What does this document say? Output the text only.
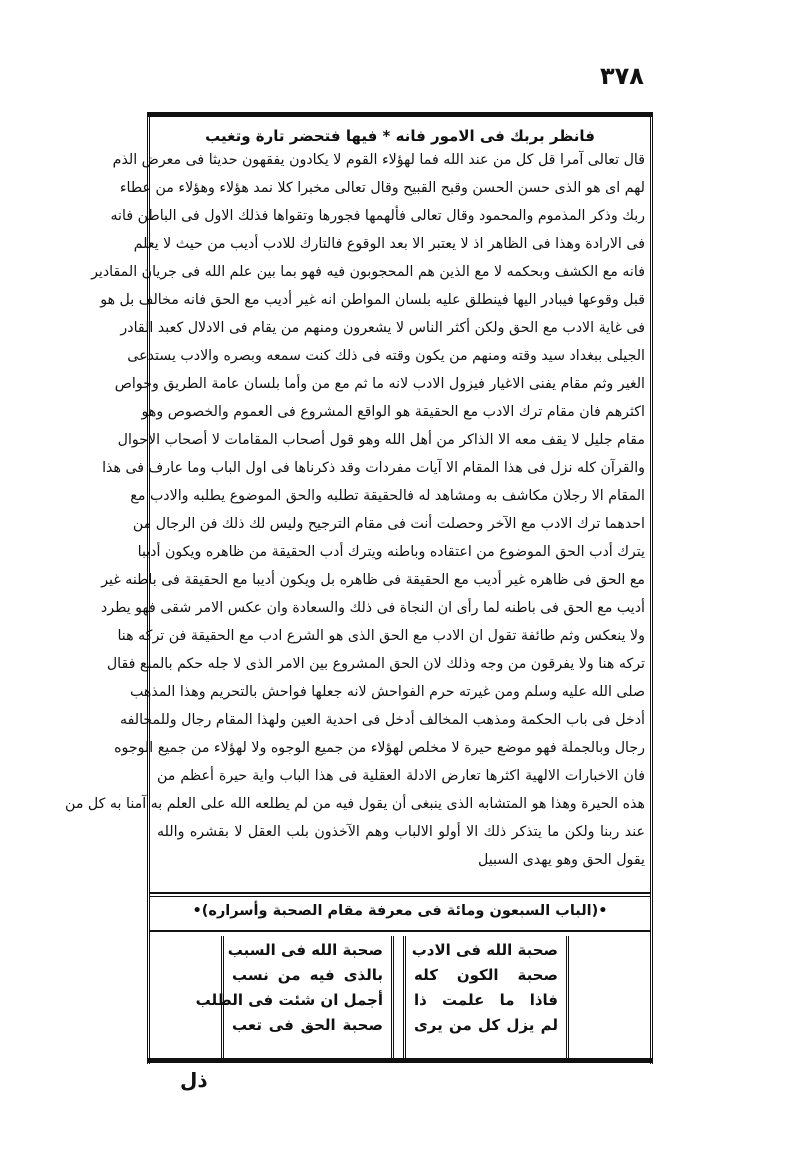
٣٧٨
فانظر بربك فى الامور فانه * فيها فتحضر تارة وتغيب
قال تعالى آمرا قل كل من عند الله فما لهؤلاء القوم لا يكادون يفقهون حديثا فى معرض الذم
لهم اى هو الذى حسن الحسن وقبح القبيح وقال تعالى مخبرا كلا نمد هؤلاء وهؤلاء من عطاء
ربك وذكر المذموم والمحمود وقال تعالى فألهمها فجورها وتقواها فذلك الاول فى الباطن فانه
فى الارادة وهذا فى الظاهر اذ لا يعتبر الا بعد الوقوع فالتارك للادب أديب من حيث لا يعلم
فانه مع الكشف وبحكمه لا مع الذين هم المحجوبون فيه فهو بما بين علم الله فى جريان المقادير
قبل وقوعها فيبادر اليها فينطلق عليه بلسان المواطن انه غير أديب مع الحق فانه مخالف بل هو
فى غاية الادب مع الحق ولكن أكثر الناس لا يشعرون ومنهم من يقام فى الادلال كعبد القادر
الجيلى ببغداد سيد وقته ومنهم من يكون وقته فى ذلك كنت سمعه وبصره والادب يستدعى
الغير وثم مقام يفنى الاغيار فيزول الادب لانه ما ثم مع من وأما بلسان عامة الطريق وخواص
اكثرهم فان مقام ترك الادب مع الحقيقة هو الواقع المشروع فى العموم والخصوص وهو
مقام جليل لا يقف معه الا الذاكر من أهل الله وهو قول أصحاب المقامات لا أصحاب الاحوال
والقرآن كله نزل فى هذا المقام الا آيات مفردات وقد ذكرناها فى اول الباب وما عارف فى هذا
المقام الا رجلان مكاشف به ومشاهد له فالحقيقة تطلبه والحق الموضوع يطلبه والادب مع
احدهما ترك الادب مع الآخر وحصلت أنت فى مقام الترجيح وليس لك ذلك فن الرجال من
يترك أدب الحق الموضوع من اعتقاده وباطنه ويترك أدب الحقيقة من ظاهره ويكون أديبا
مع الحق فى ظاهره غير أديب مع الحقيقة فى ظاهره بل ويكون أديبا مع الحقيقة فى باطنه غير
أديب مع الحق فى باطنه لما رأى ان النجاة فى ذلك والسعادة وان عكس الامر شقى فهو يطرد
ولا ينعكس وثم طائفة تقول ان الادب مع الحق الذى هو الشرع ادب مع الحقيقة فن تركه هنا
تركه هنا ولا يفرقون من وجه وذلك لان الحق المشروع بين الامر الذى لا جله حكم بالمنع فقال
صلى الله عليه وسلم ومن غيرته حرم الفواحش لانه جعلها فواحش بالتحريم وهذا المذهب
أدخل فى باب الحكمة ومذهب المخالف أدخل فى احدية العين ولهذا المقام رجال وللمخالفه
رجال وبالجملة فهو موضع حيرة لا مخلص لهؤلاء من جميع الوجوه ولا لهؤلاء من جميع الوجوه
فان الاخبارات الالهية اكثرها تعارض الادلة العقلية فى هذا الباب واية حيرة أعظم من
هذه الحيرة وهذا هو المتشابه الذى ينبغى أن يقول فيه من لم يطلعه الله على العلم به آمنا به كل من
عند ربنا ولكن ما يتذكر ذلك الا أولو الالباب وهم الآخذون بلب العقل لا بقشره والله
يقول الحق وهو يهدى السبيل
•(الباب السبعون ومائة فى معرفة مقام الصحبة وأسراره)•
صحبة الله فى الادب
صحبة الكون كله
فاذا ما علمت ذا
لم يزل كل من يرى
صحبة الله فى السبب
بالذى فيه من نسب
أجمل ان شئت فى الطلب
صحبة الحق فى تعب
ذل
